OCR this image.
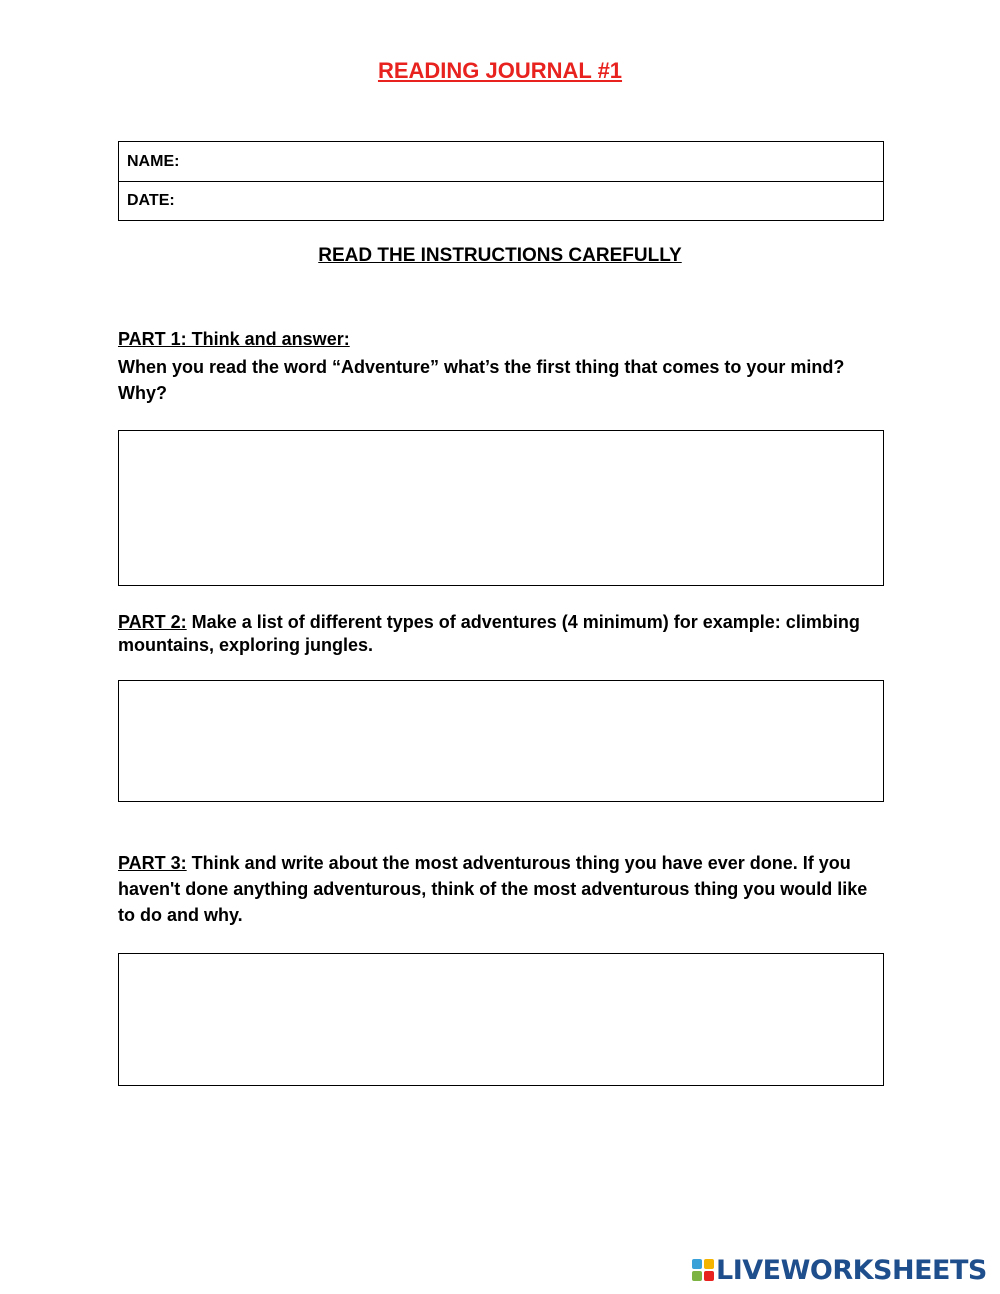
READING JOURNAL #1
NAME:
DATE:
READ THE INSTRUCTIONS CAREFULLY
PART 1: Think and answer:
When you read the word “Adventure” what’s the first thing that comes to your mind? Why?
PART 2: Make a list of different types of adventures (4 minimum) for example: climbing mountains, exploring jungles.
PART 3: Think and write about the most adventurous thing you have ever done. If you haven't done anything adventurous, think of the most adventurous thing you would like to do and why.
LIVEWORKSHEETS
